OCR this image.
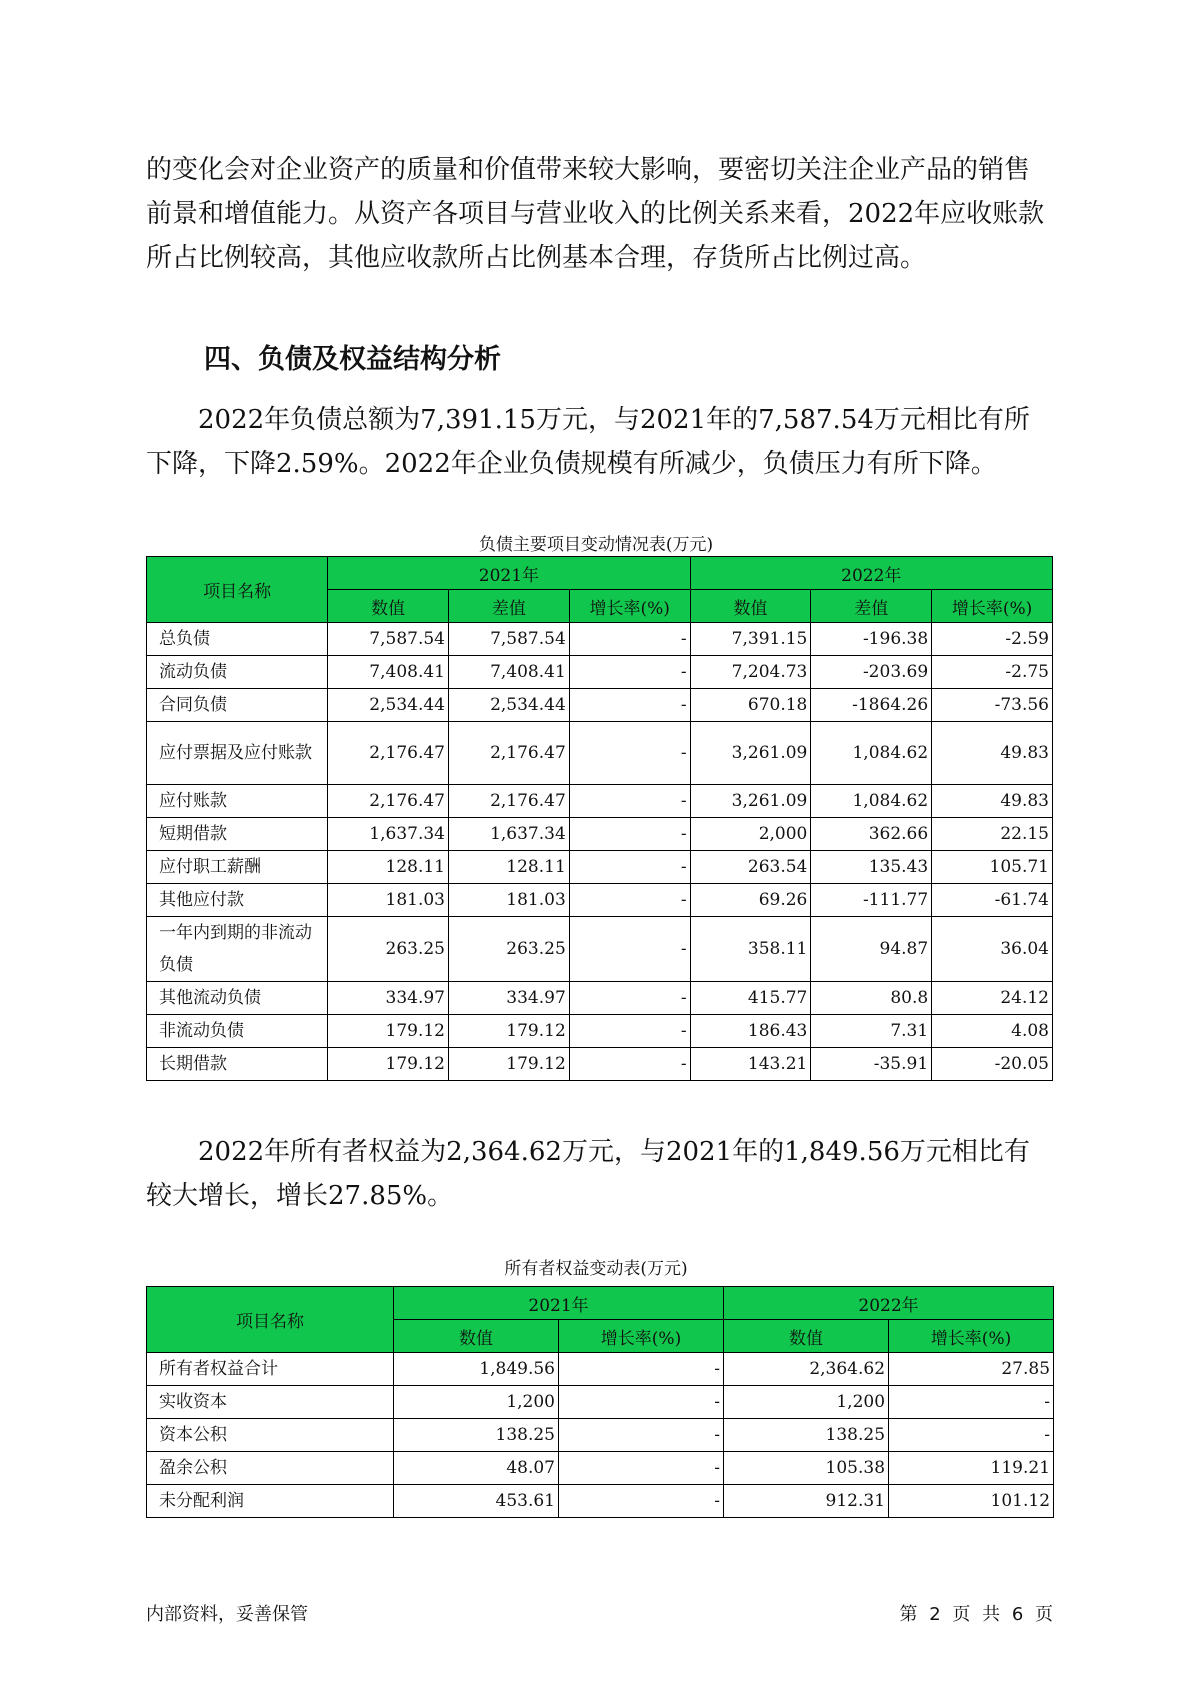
的变化会对企业资产的质量和价值带来较大影响，要密切关注企业产品的销售前景和增值能力。从资产各项目与营业收入的比例关系来看，2022年应收账款所占比例较高，其他应收款所占比例基本合理，存货所占比例过高。

四、负债及权益结构分析

2022年负债总额为7,391.15万元，与2021年的7,587.54万元相比有所下降，下降2.59%。2022年企业负债规模有所减少，负债压力有所下降。

负债主要项目变动情况表(万元)

项目名称	2021年			2022年		
	数值	差值	增长率(%)	数值	差值	增长率(%)
总负债	7,587.54	7,587.54	-	7,391.15	-196.38	-2.59
流动负债	7,408.41	7,408.41	-	7,204.73	-203.69	-2.75
合同负债	2,534.44	2,534.44	-	670.18	-1864.26	-73.56
应付票据及应付账款	2,176.47	2,176.47	-	3,261.09	1,084.62	49.83
应付账款	2,176.47	2,176.47	-	3,261.09	1,084.62	49.83
短期借款	1,637.34	1,637.34	-	2,000	362.66	22.15
应付职工薪酬	128.11	128.11	-	263.54	135.43	105.71
其他应付款	181.03	181.03	-	69.26	-111.77	-61.74
一年内到期的非流动负债	263.25	263.25	-	358.11	94.87	36.04
其他流动负债	334.97	334.97	-	415.77	80.8	24.12
非流动负债	179.12	179.12	-	186.43	7.31	4.08
长期借款	179.12	179.12	-	143.21	-35.91	-20.05

2022年所有者权益为2,364.62万元，与2021年的1,849.56万元相比有较大增长，增长27.85%。

所有者权益变动表(万元)

项目名称	2021年		2022年	
	数值	增长率(%)	数值	增长率(%)
所有者权益合计	1,849.56	-	2,364.62	27.85
实收资本	1,200	-	1,200	-
资本公积	138.25	-	138.25	-
盈余公积	48.07	-	105.38	119.21
未分配利润	453.61	-	912.31	101.12

内部资料，妥善保管	第 2 页 共 6 页
